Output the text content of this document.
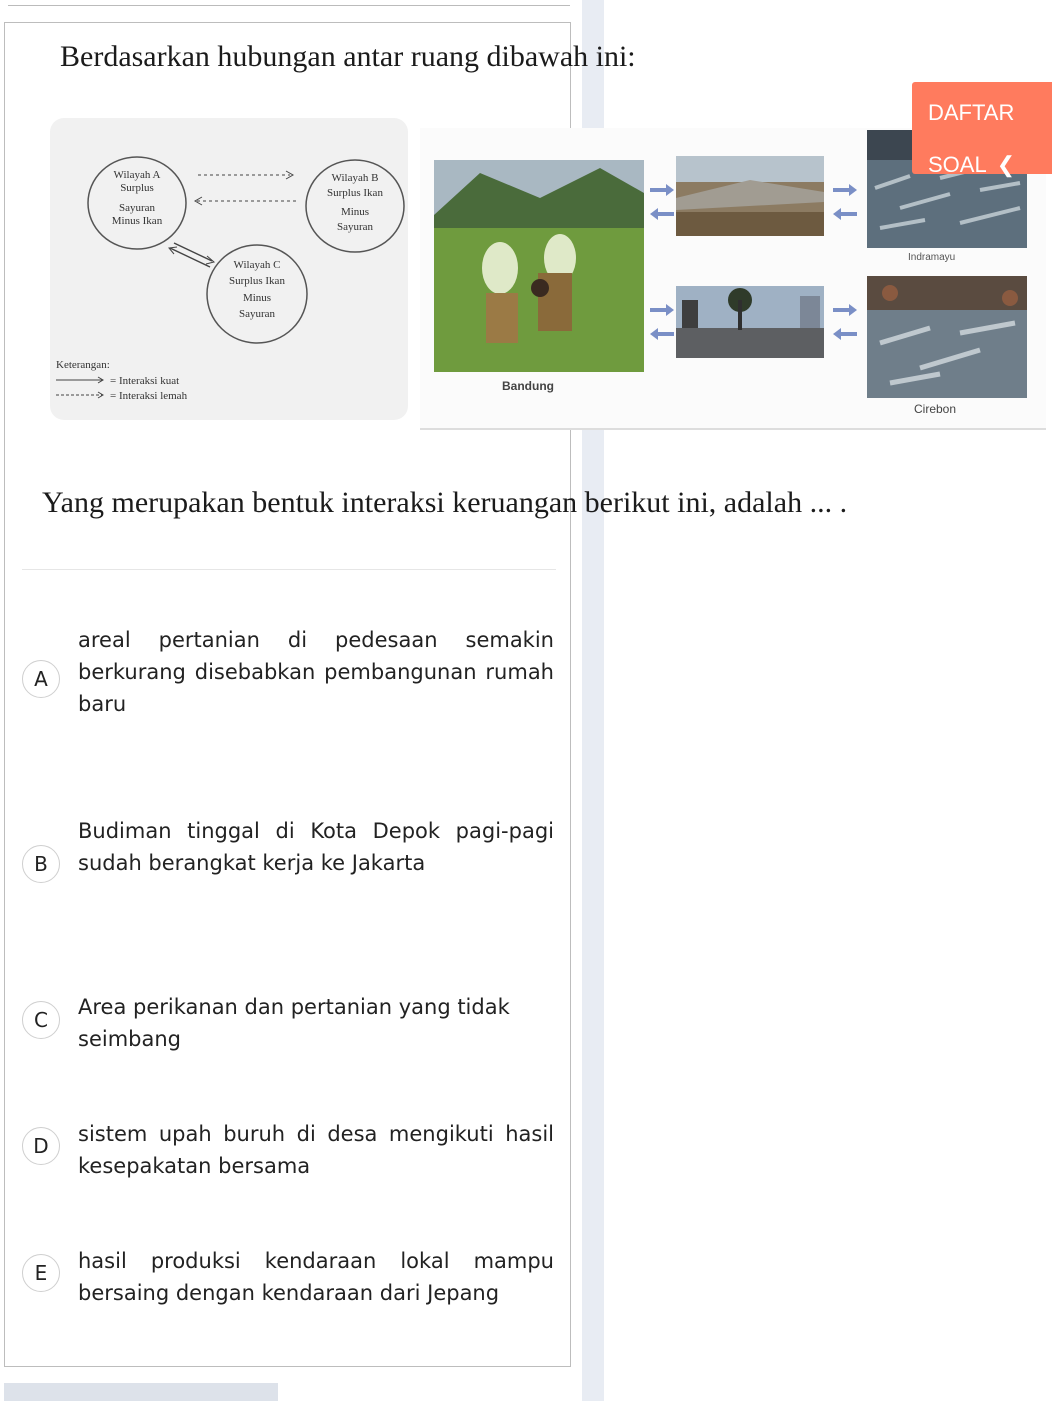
Berdasarkan hubungan antar ruang dibawah ini:
Wilayah A
Surplus
Sayuran
Minus Ikan
Wilayah B
Surplus Ikan
Minus
Sayuran
Wilayah C
Surplus Ikan
Minus
Sayuran
Keterangan:
= Interaksi kuat
= Interaksi lemah
Bandung
Indramayu
Cirebon
DAFTAR
SOAL ❮
Yang merupakan bentuk interaksi keruangan berikut ini, adalah ... .
A
areal pertanian di pedesaan semakin berkurang disebabkan pembangunan rumah baru
B
Budiman tinggal di Kota Depok pagi-pagi sudah berangkat kerja ke Jakarta
C
Area perikanan dan pertanian yang tidak seimbang
D	sistem upah buruh di desa mengikuti hasil kesepakatan bersama
E	hasil produksi kendaraan lokal mampu bersaing dengan kendaraan dari Jepang
